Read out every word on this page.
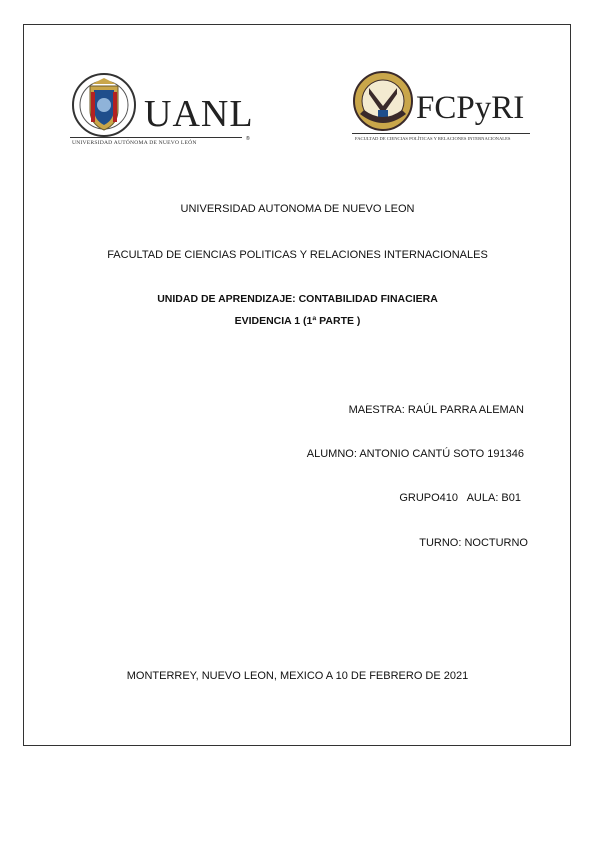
UANL
UNIVERSIDAD AUTÓNOMA DE NUEVO LEÓN
®
FCPyRI
FACULTAD DE CIENCIAS POLÍTICAS Y RELACIONES INTERNACIONALES
UNIVERSIDAD AUTONOMA DE NUEVO LEON
FACULTAD DE CIENCIAS POLITICAS Y RELACIONES INTERNACIONALES
UNIDAD DE APRENDIZAJE: CONTABILIDAD FINACIERA
EVIDENCIA 1 (1ª PARTE )
MAESTRA: RAÚL PARRA ALEMAN
ALUMNO: ANTONIO CANTÚ SOTO 191346
GRUPO410   AULA: B01
TURNO: NOCTURNO
MONTERREY, NUEVO LEON, MEXICO A 10 DE FEBRERO DE 2021
